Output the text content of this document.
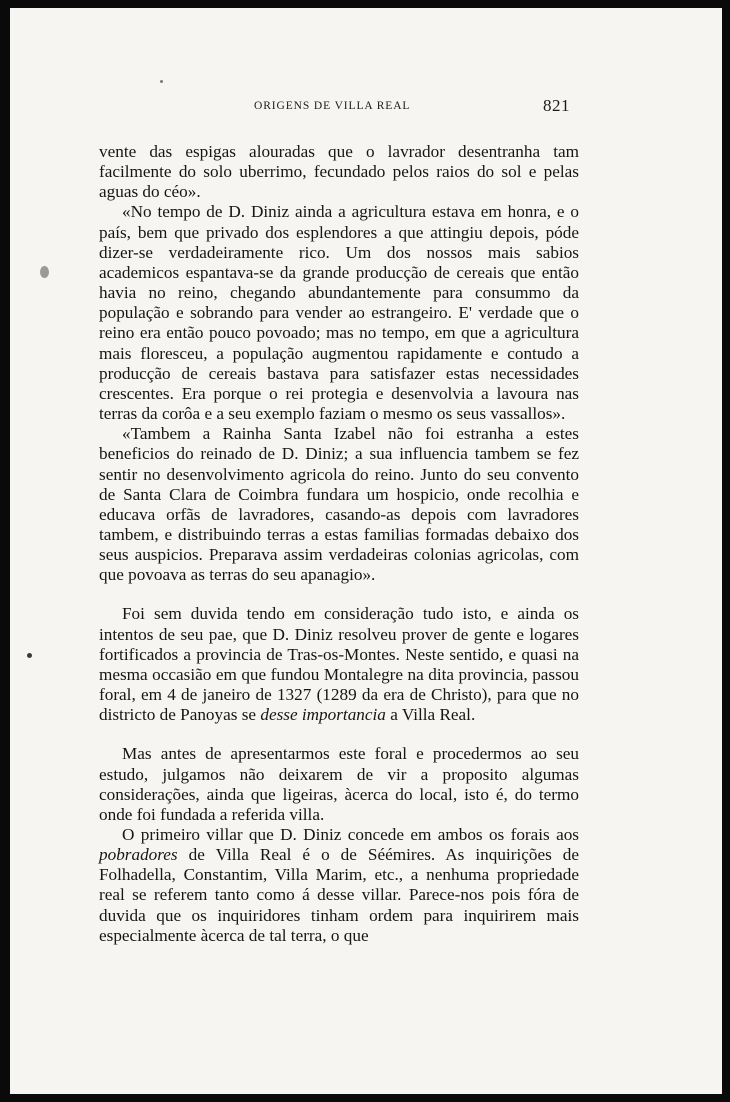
ORIGENS DE VILLA REAL	821

vente das espigas alouradas que o lavrador desentranha tam facilmente do solo uberrimo, fecundado pelos raios do sol e pelas aguas do céo».

«No tempo de D. Diniz ainda a agricultura estava em honra, e o país, bem que privado dos esplendores a que attingiu depois, póde dizer-se verdadeiramente rico. Um dos nossos mais sabios academicos espantava-se da grande producção de cereais que então havia no reino, chegando abundantemente para consummo da população e sobrando para vender ao estrangeiro. E' verdade que o reino era então pouco povoado; mas no tempo, em que a agricultura mais floresceu, a população augmentou rapidamente e contudo a producção de cereais bastava para satisfazer estas necessidades crescentes. Era porque o rei protegia e desenvolvia a lavoura nas terras da corôa e a seu exemplo faziam o mesmo os seus vassallos».

«Tambem a Rainha Santa Izabel não foi estranha a estes beneficios do reinado de D. Diniz; a sua influencia tambem se fez sentir no desenvolvimento agricola do reino. Junto do seu convento de Santa Clara de Coimbra fundara um hospicio, onde recolhia e educava orfãs de lavradores, casando-as depois com lavradores tambem, e distribuindo terras a estas familias formadas debaixo dos seus auspicios. Preparava assim verdadeiras colonias agricolas, com que povoava as terras do seu apanagio».

Foi sem duvida tendo em consideração tudo isto, e ainda os intentos de seu pae, que D. Diniz resolveu prover de gente e logares fortificados a provincia de Tras-os-Montes. Neste sentido, e quasi na mesma occasião em que fundou Montalegre na dita provincia, passou foral, em 4 de janeiro de 1327 (1289 da era de Christo), para que no districto de Panoyas se desse importancia a Villa Real.

Mas antes de apresentarmos este foral e procedermos ao seu estudo, julgamos não deixarem de vir a proposito algumas considerações, ainda que ligeiras, àcerca do local, isto é, do termo onde foi fundada a referida villa.

O primeiro villar que D. Diniz concede em ambos os forais aos pobradores de Villa Real é o de Séémires. As inquirições de Folhadella, Constantim, Villa Marim, etc., a nenhuma propriedade real se referem tanto como á desse villar. Parece-nos pois fóra de duvida que os inquiridores tinham ordem para inquirirem mais especialmente àcerca de tal terra, o que
